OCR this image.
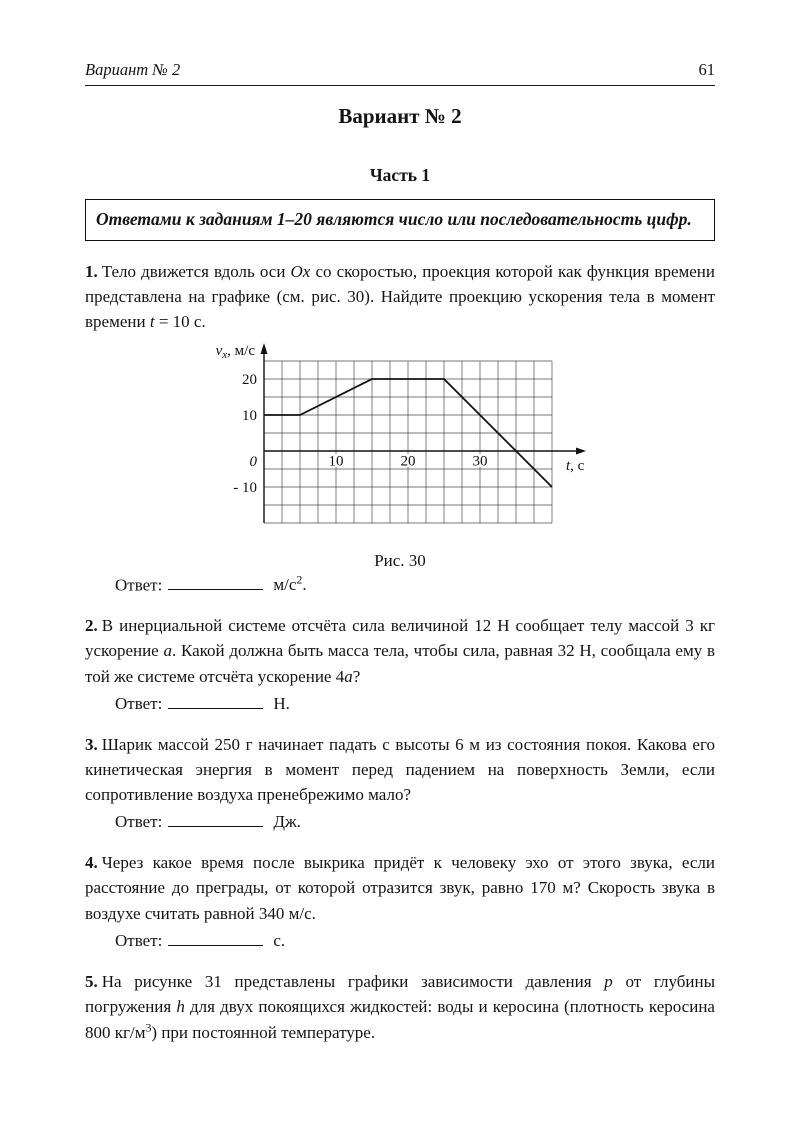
Вариант № 2	61
Вариант № 2
Часть 1

Ответами к заданиям 1–20 являются число или последовательность цифр.

1. Тело движется вдоль оси Ox со скоростью, проекция которой как функция времени представлена на графике (см. рис. 30). Найдите проекцию ускорения тела в момент времени t = 10 с.

10	20	30
20
10
- 10
0
$v_x$, м/с
t, с
Рис. 30

Ответ:	$м/с^2$.

2. В инерциальной системе отсчёта сила величиной 12 Н сообщает телу массой 3 кг ускорение a. Какой должна быть масса тела, чтобы сила, равная 32 Н, сообщала ему в той же системе отсчёта ускорение 4a?

Ответ:	Н.

3. Шарик массой 250 г начинает падать с высоты 6 м из состояния покоя. Какова его кинетическая энергия в момент перед падением на поверхность Земли, если сопротивление воздуха пренебрежимо мало?

Ответ:	Дж.

4. Через какое время после выкрика придёт к человеку эхо от этого звука, если расстояние до преграды, от которой отразится звук, равно 170 м? Скорость звука в воздухе считать равной 340 м/с.

Ответ:	с.

5. На рисунке 31 представлены графики зависимости давления p от глубины погружения h для двух покоящихся жидкостей: воды и керосина (плотность керосина 800 $кг/м^3$) при постоянной температуре.
